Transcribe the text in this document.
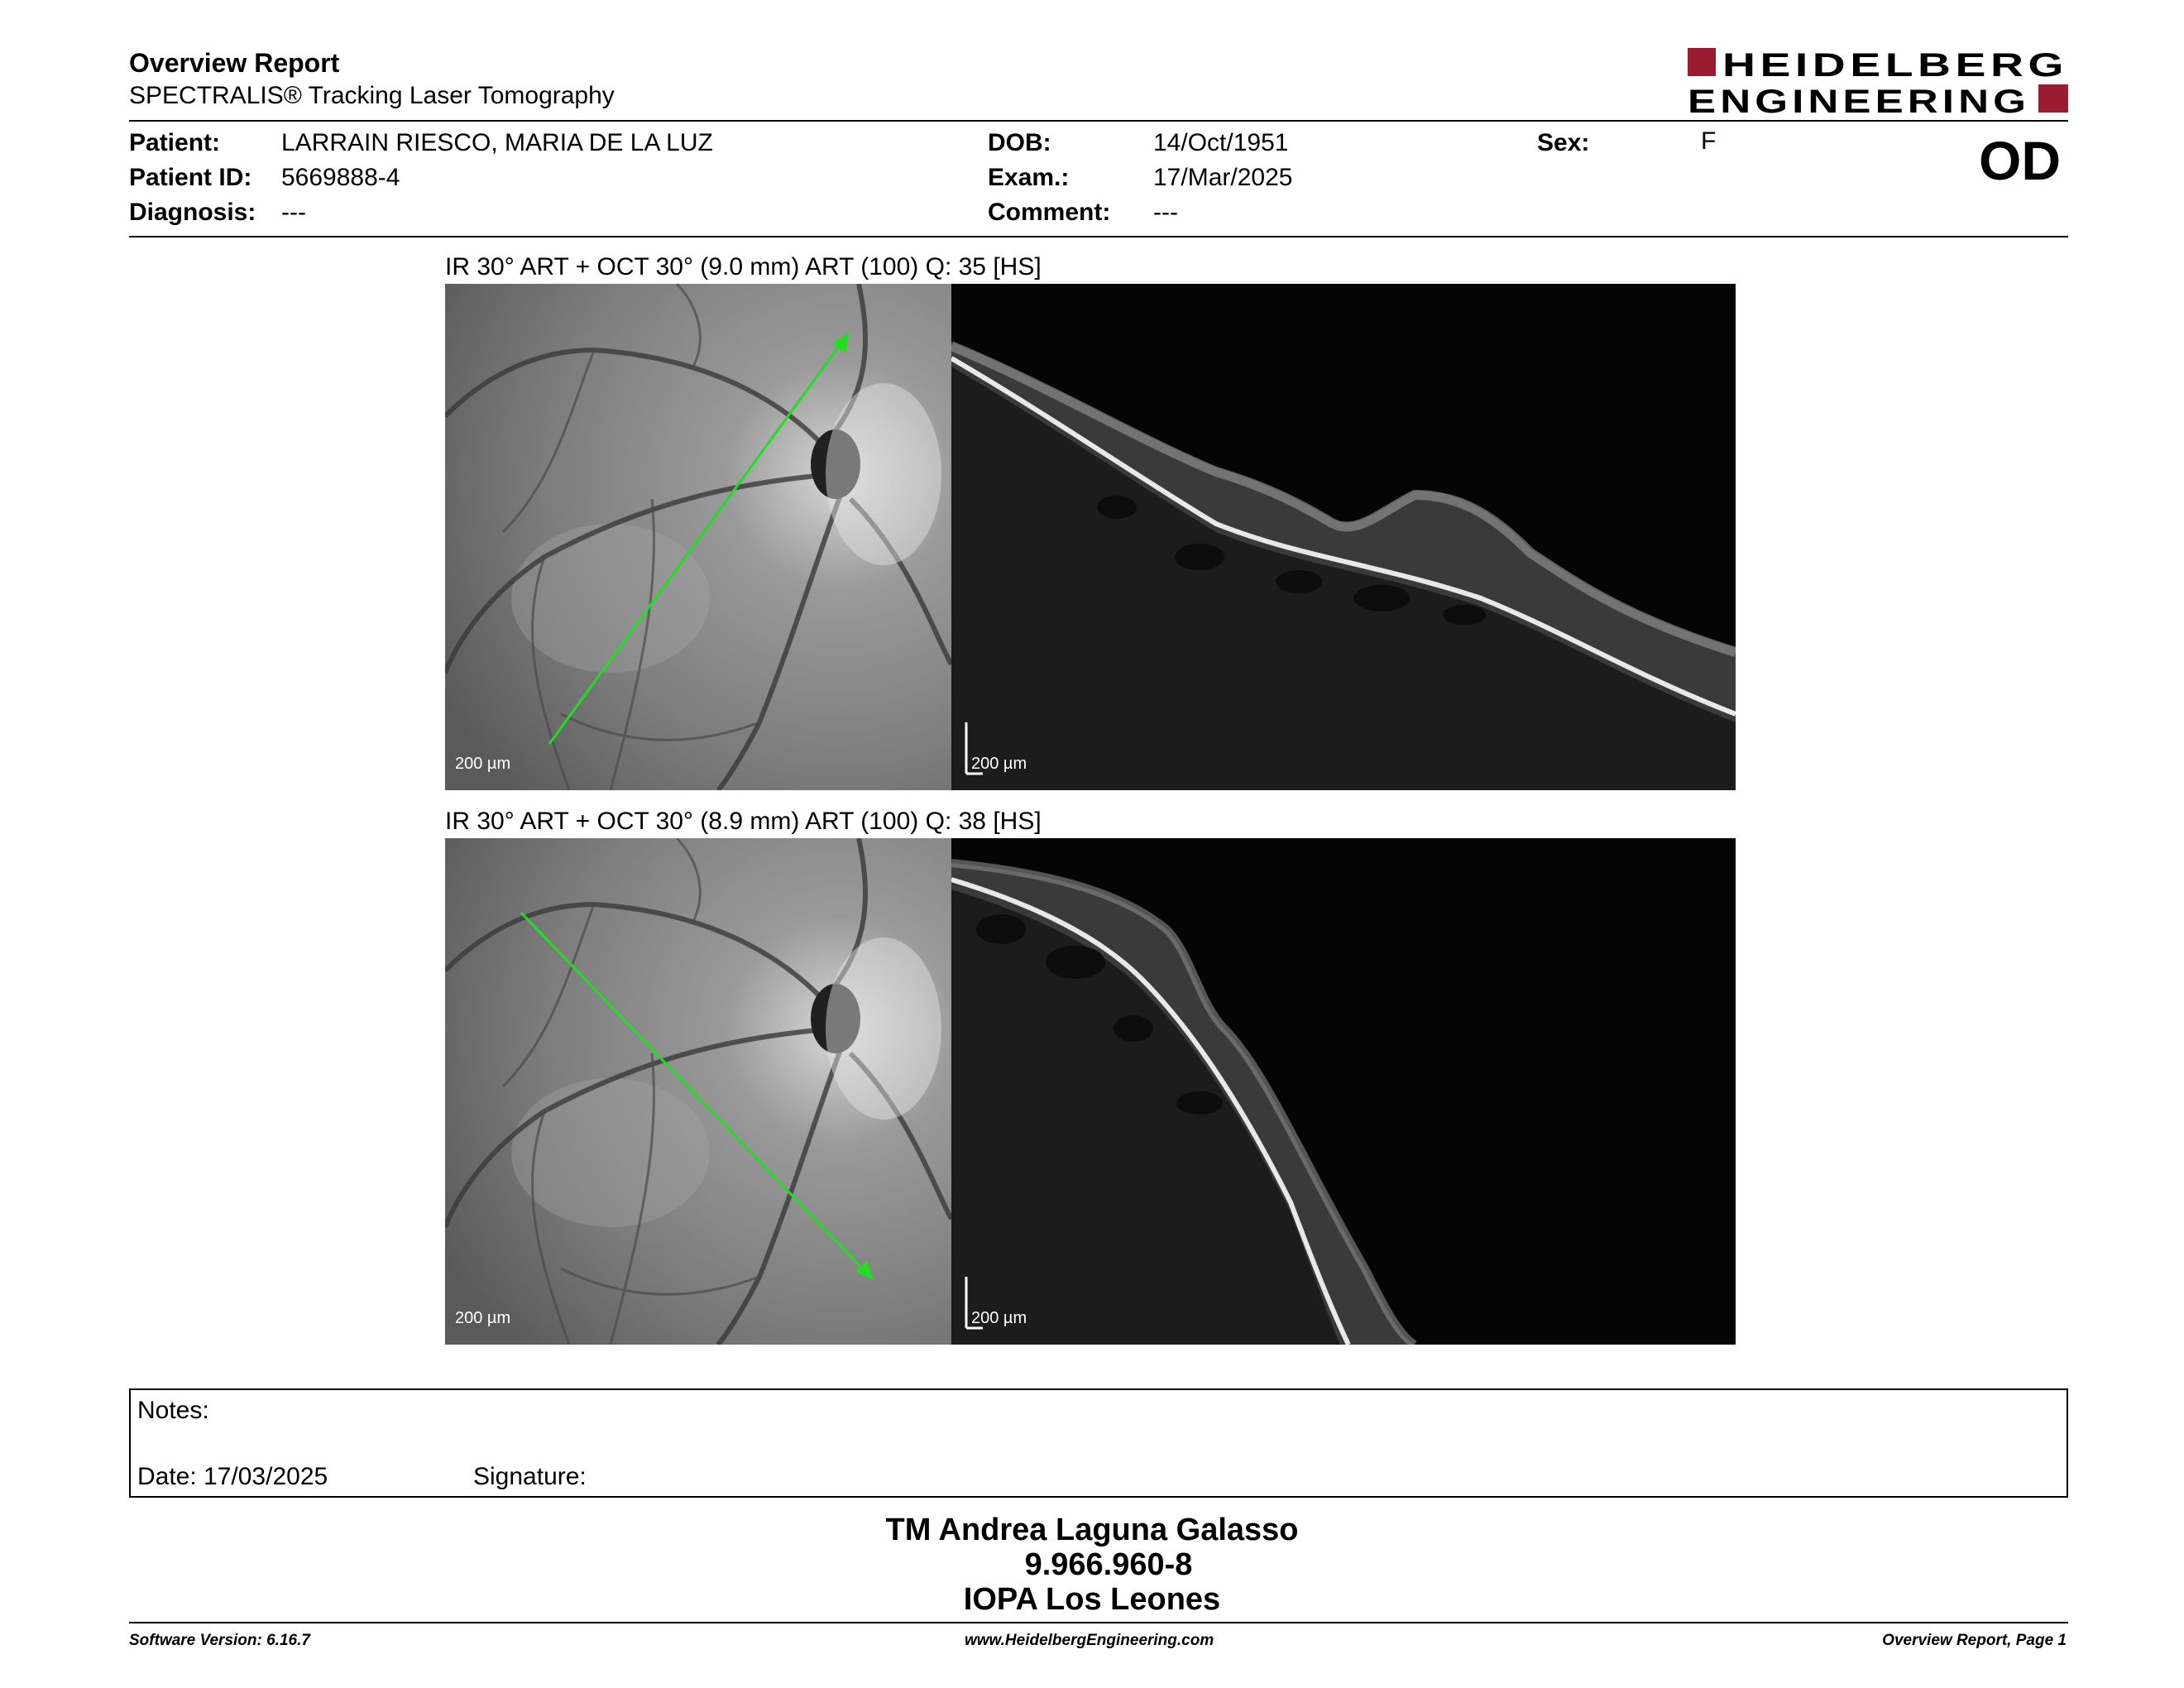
Overview Report
SPECTRALIS® Tracking Laser Tomography
HEIDELBERG
ENGINEERING
Patient: LARRAIN RIESCO, MARIA DE LA LUZ
Patient ID: 5669888-4
Diagnosis: ---
DOB:	14/Oct/1951
Exam.:	17/Mar/2025
Comment: ---
Sex:	F	OD
IR 30° ART + OCT 30° (9.0 mm) ART (100) Q: 35 [HS]
200 µm	200 µm
IR 30° ART + OCT 30° (8.9 mm) ART (100) Q: 38 [HS]
200 µm	200 µm
Notes:
Date: 17/03/2025	Signature:
TM Andrea Laguna Galasso
9.966.960-8
IOPA Los Leones
Software Version: 6.16.7	www.HeidelbergEngineering.com	Overview Report, Page 1
